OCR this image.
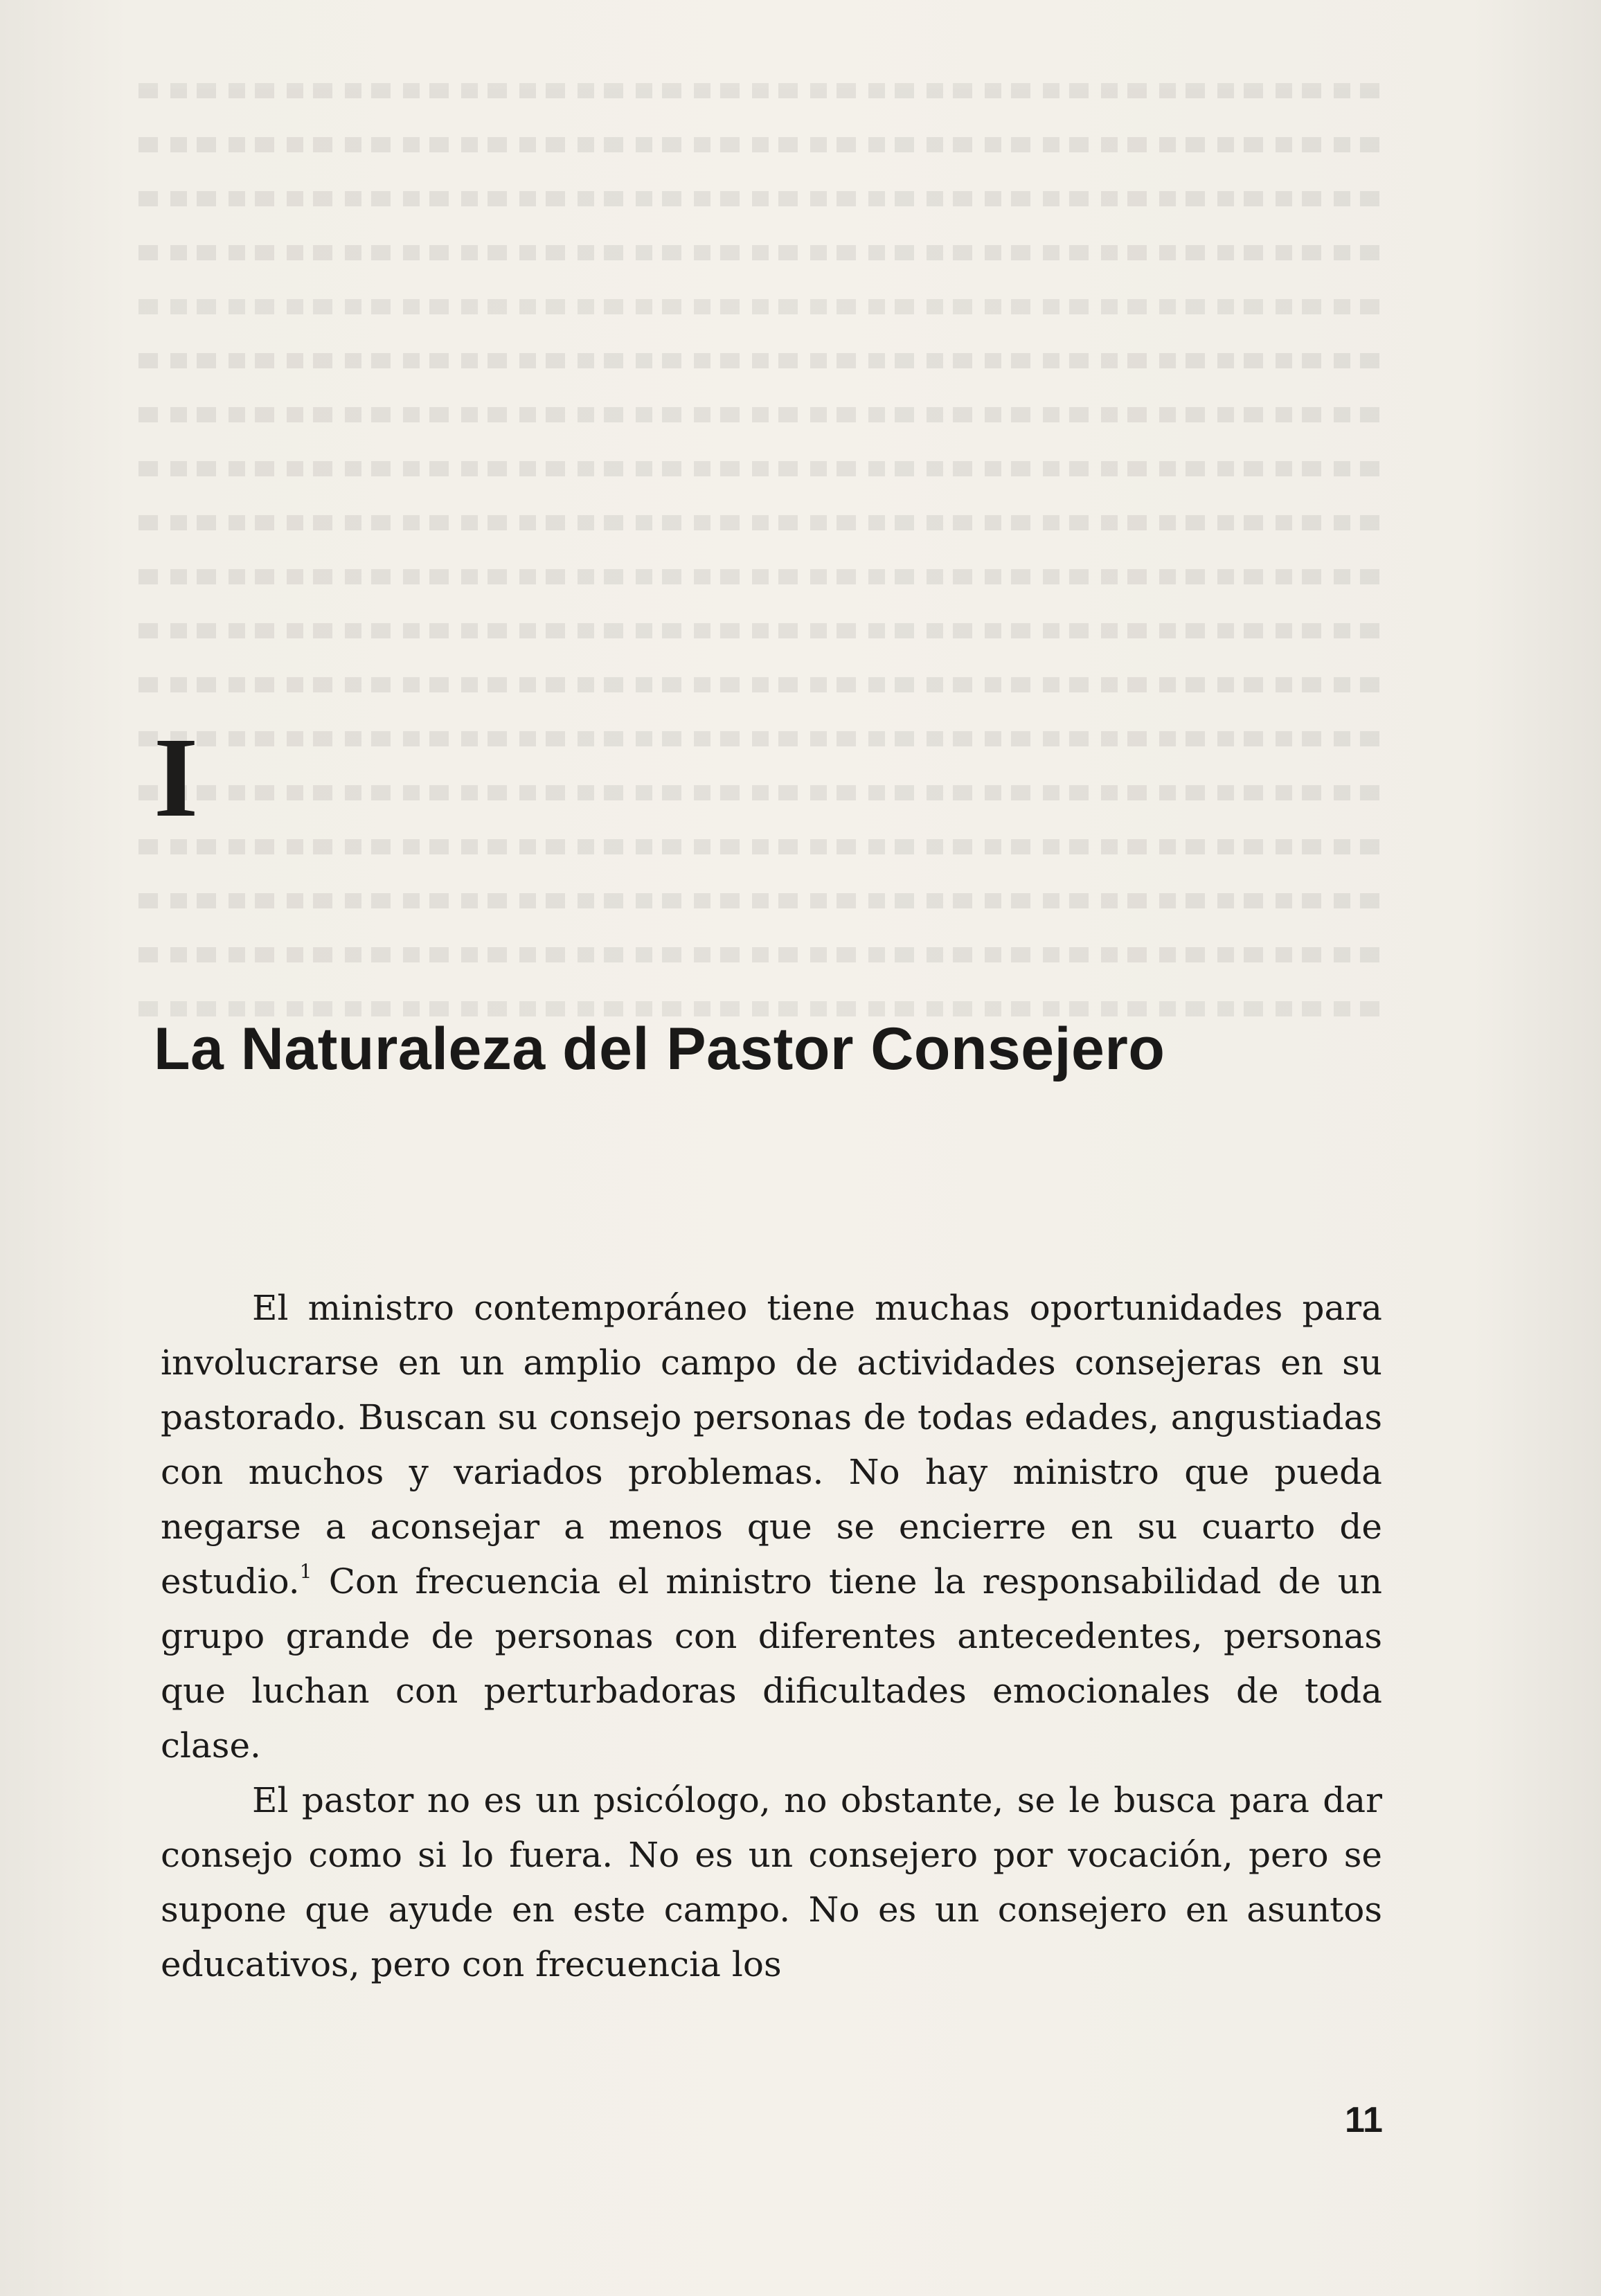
I
La Naturaleza del Pastor Consejero

El ministro contemporáneo tiene muchas oportunidades para involucrarse en un amplio campo de actividades consejeras en su pastorado. Buscan su consejo personas de todas edades, angustiadas con muchos y variados problemas. No hay ministro que pueda negarse a aconsejar a menos que se encierre en su cuarto de estudio.$^1$ Con frecuencia el ministro tiene la responsabilidad de un grupo grande de personas con diferentes antecedentes, personas que luchan con perturbadoras dificultades emocionales de toda clase.

El pastor no es un psicólogo, no obstante, se le busca para dar consejo como si lo fuera. No es un consejero por vocación, pero se supone que ayude en este campo. No es un consejero en asuntos educativos, pero con frecuencia los

11
